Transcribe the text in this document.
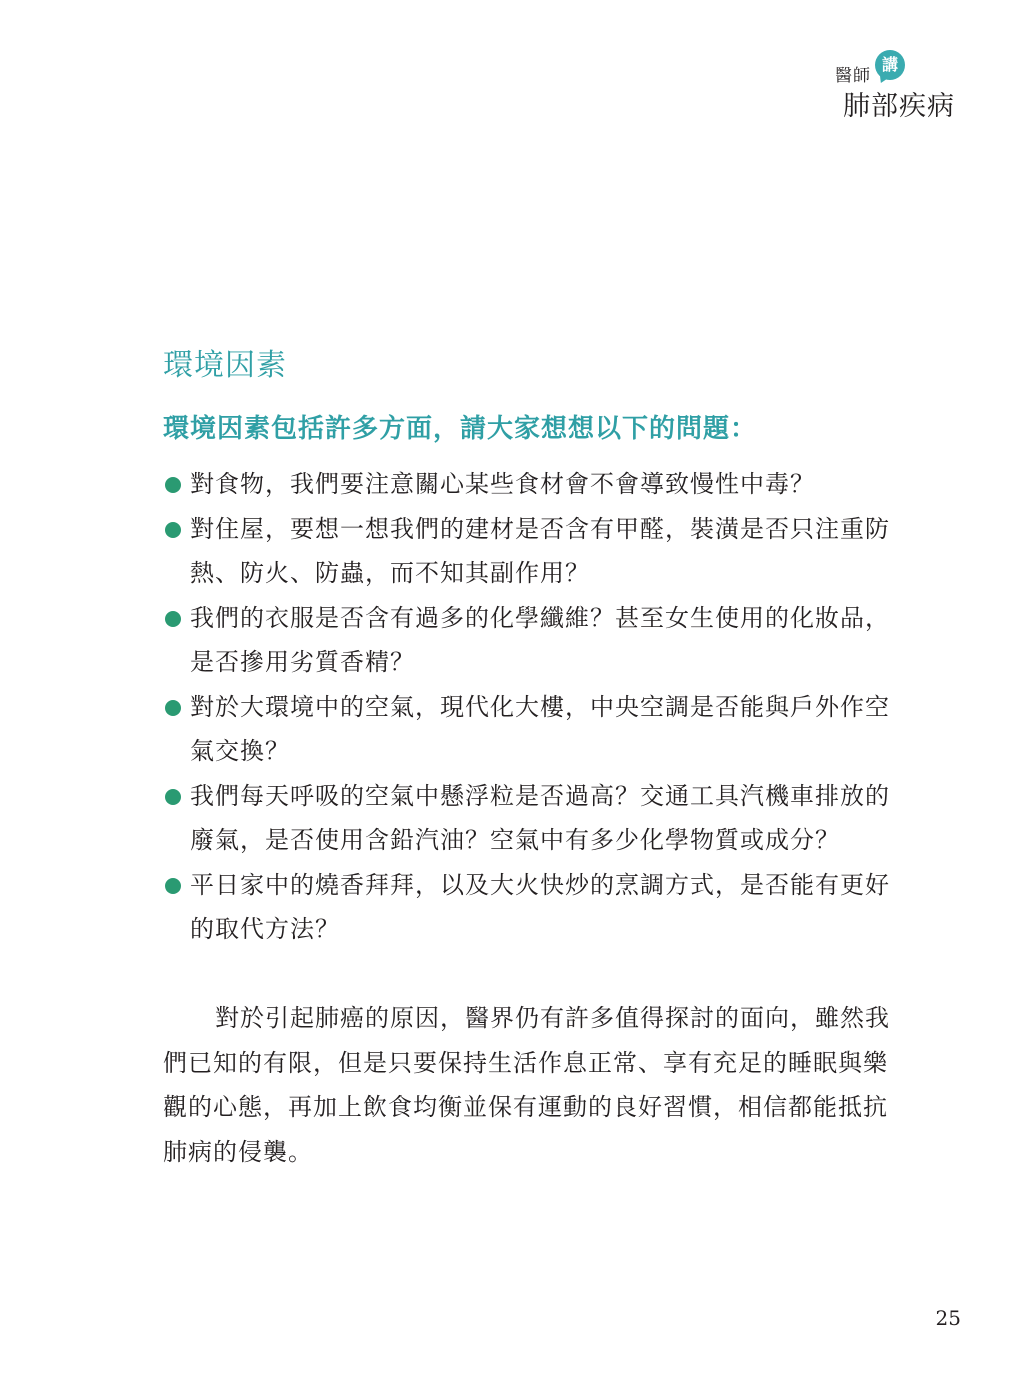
醫師
講
肺部疾病
環境因素
環境因素包括許多方面，請大家想想以下的問題：
對食物，我們要注意關心某些食材會不會導致慢性中毒？
對住屋，要想一想我們的建材是否含有甲醛，裝潢是否只注重防熱、防火、防蟲，而不知其副作用？
我們的衣服是否含有過多的化學纖維？甚至女生使用的化妝品，是否摻用劣質香精？
對於大環境中的空氣，現代化大樓，中央空調是否能與戶外作空氣交換？
我們每天呼吸的空氣中懸浮粒是否過高？交通工具汽機車排放的廢氣，是否使用含鉛汽油？空氣中有多少化學物質或成分？
平日家中的燒香拜拜，以及大火快炒的烹調方式，是否能有更好的取代方法？

對於引起肺癌的原因，醫界仍有許多值得探討的面向，雖然我們已知的有限，但是只要保持生活作息正常、享有充足的睡眠與樂觀的心態，再加上飲食均衡並保有運動的良好習慣，相信都能抵抗肺病的侵襲。

25
